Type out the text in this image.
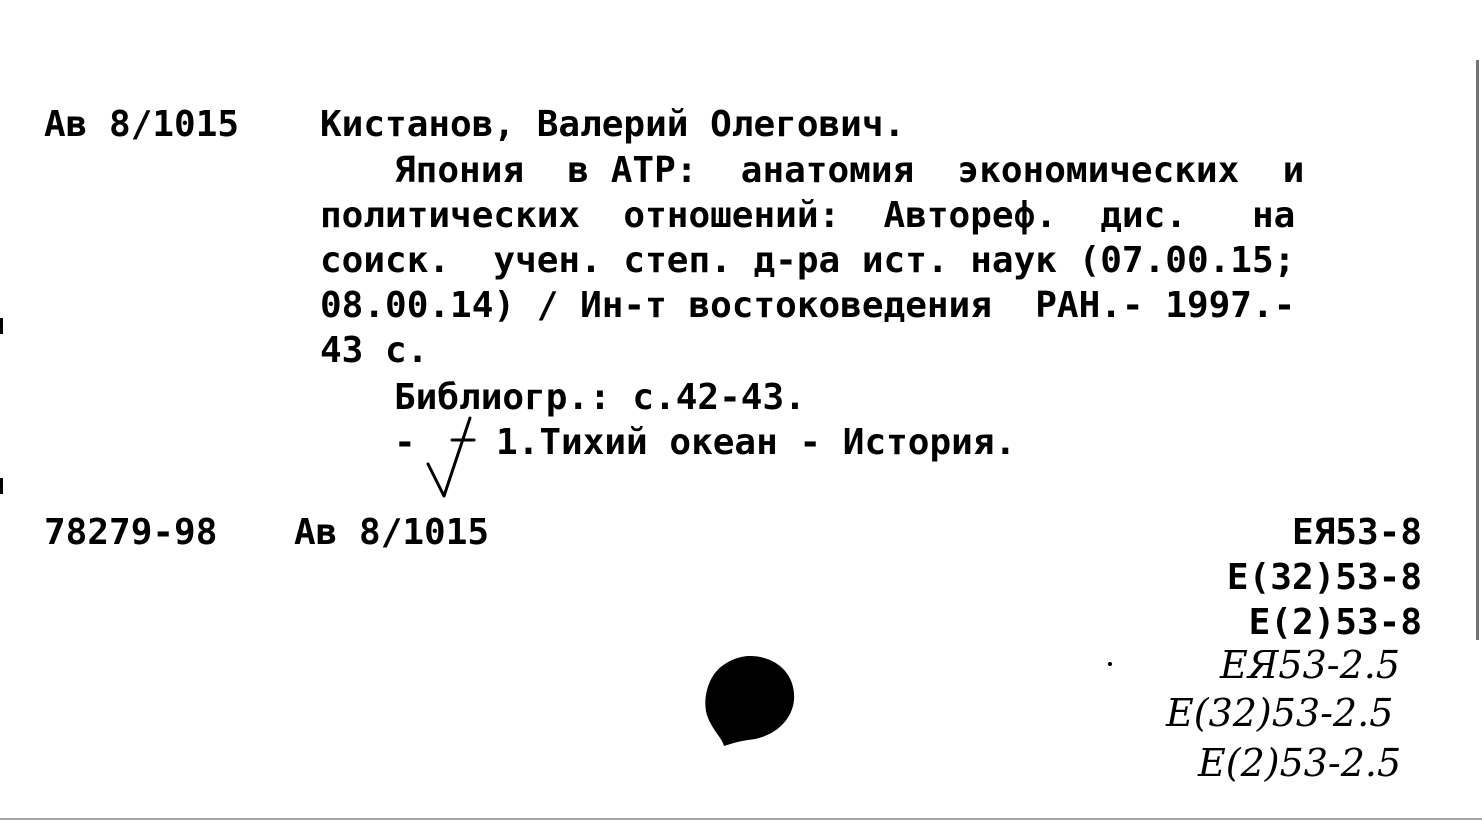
Ав 8/1015 Кистанов, Валерий Олегович.
Япония  в АТР:  анатомия  экономических  и
политических  отношений:  Автореф.  дис.   на
соиск.  учен. степ. д-ра ист. наук (07.00.15;
08.00.14) / Ин-т востоковедения  РАН.- 1997.-
43 с.
Библиогр.: с.42-43.
- 1.Тихий океан - История.
78279-98 Ав 8/1015	ЕЯ53-8
Е(32)53-8
Е(2)53-8
ЕЯ53-2.5
Е(32)53-2.5
Е(2)53-2.5
